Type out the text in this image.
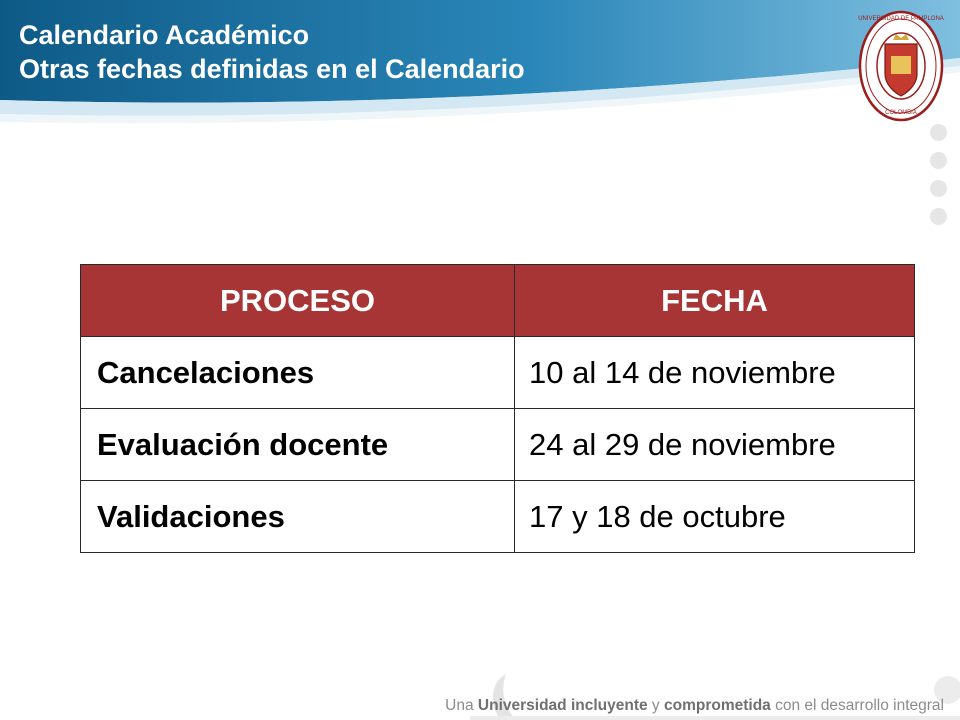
Calendario Académico
Otras fechas definidas en el Calendario
UNIVERSIDAD DE PAMPLONA
COLOMBIA
PROCESO	FECHA
Cancelaciones	10 al 14 de noviembre
Evaluación docente	24 al 29 de noviembre
Validaciones	17 y 18 de octubre
Una Universidad incluyente y comprometida con el desarrollo integral
